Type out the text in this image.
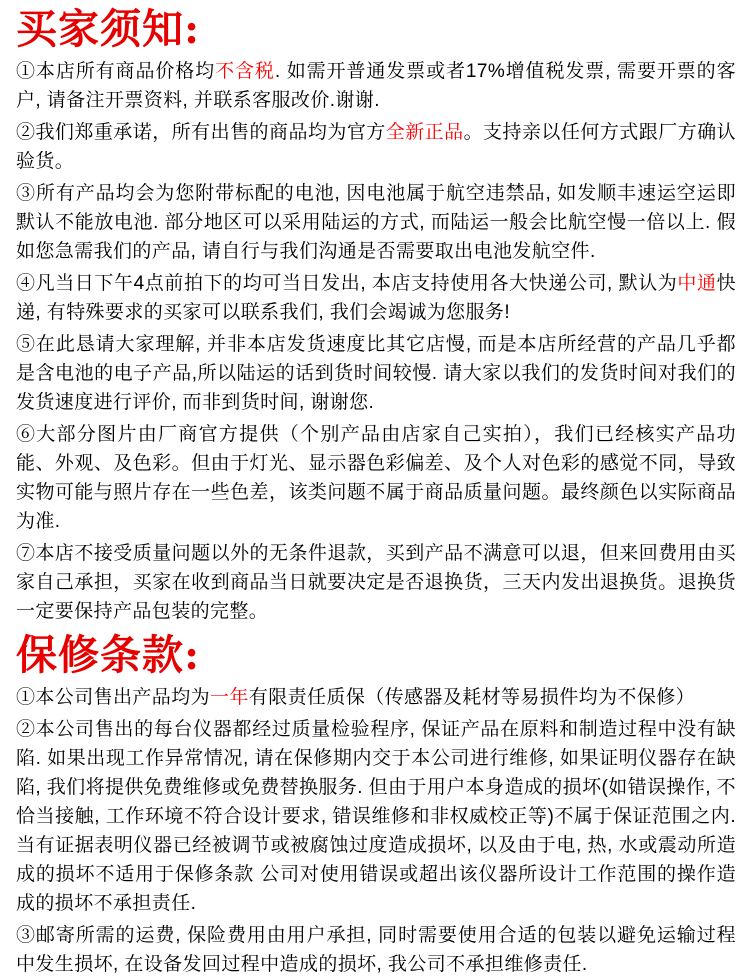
买家须知:

①本店所有商品价格均不含税. 如需开普通发票或者17%增值税发票, 需要开票的客户, 请备注开票资料, 并联系客服改价.谢谢.

②我们郑重承诺，所有出售的商品均为官方全新正品。支持亲以任何方式跟厂方确认验货。

③所有产品均会为您附带标配的电池, 因电池属于航空违禁品, 如发顺丰速运空运即默认不能放电池. 部分地区可以采用陆运的方式, 而陆运一般会比航空慢一倍以上. 假如您急需我们的产品, 请自行与我们沟通是否需要取出电池发航空件.

④凡当日下午4点前拍下的均可当日发出, 本店支持使用各大快递公司, 默认为中通快递, 有特殊要求的买家可以联系我们, 我们会竭诚为您服务!

⑤在此恳请大家理解, 并非本店发货速度比其它店慢, 而是本店所经营的产品几乎都是含电池的电子产品,所以陆运的话到货时间较慢. 请大家以我们的发货时间对我们的发货速度进行评价, 而非到货时间, 谢谢您.

⑥大部分图片由厂商官方提供（个别产品由店家自己实拍），我们已经核实产品功能、外观、及色彩。但由于灯光、显示器色彩偏差、及个人对色彩的感觉不同，导致实物可能与照片存在一些色差，该类问题不属于商品质量问题。最终颜色以实际商品为准.

⑦本店不接受质量问题以外的无条件退款，买到产品不满意可以退，但来回费用由买家自己承担，买家在收到商品当日就要决定是否退换货，三天内发出退换货。退换货一定要保持产品包装的完整。

保修条款:

①本公司售出产品均为一年有限责任质保（传感器及耗材等易损件均为不保修）

②本公司售出的每台仪器都经过质量检验程序, 保证产品在原料和制造过程中没有缺陷. 如果出现工作异常情况, 请在保修期内交于本公司进行维修, 如果证明仪器存在缺陷, 我们将提供免费维修或免费替换服务. 但由于用户本身造成的损坏(如错误操作, 不恰当接触, 工作环境不符合设计要求, 错误维修和非权威校正等)不属于保证范围之内. 当有证据表明仪器已经被调节或被腐蚀过度造成损坏, 以及由于电, 热, 水或震动所造成的损坏不适用于保修条款 公司对使用错误或超出该仪器所设计工作范围的操作造成的损坏不承担责任.

③邮寄所需的运费, 保险费用由用户承担, 同时需要使用合适的包装以避免运输过程中发生损坏, 在设备发回过程中造成的损坏, 我公司不承担维修责任.
